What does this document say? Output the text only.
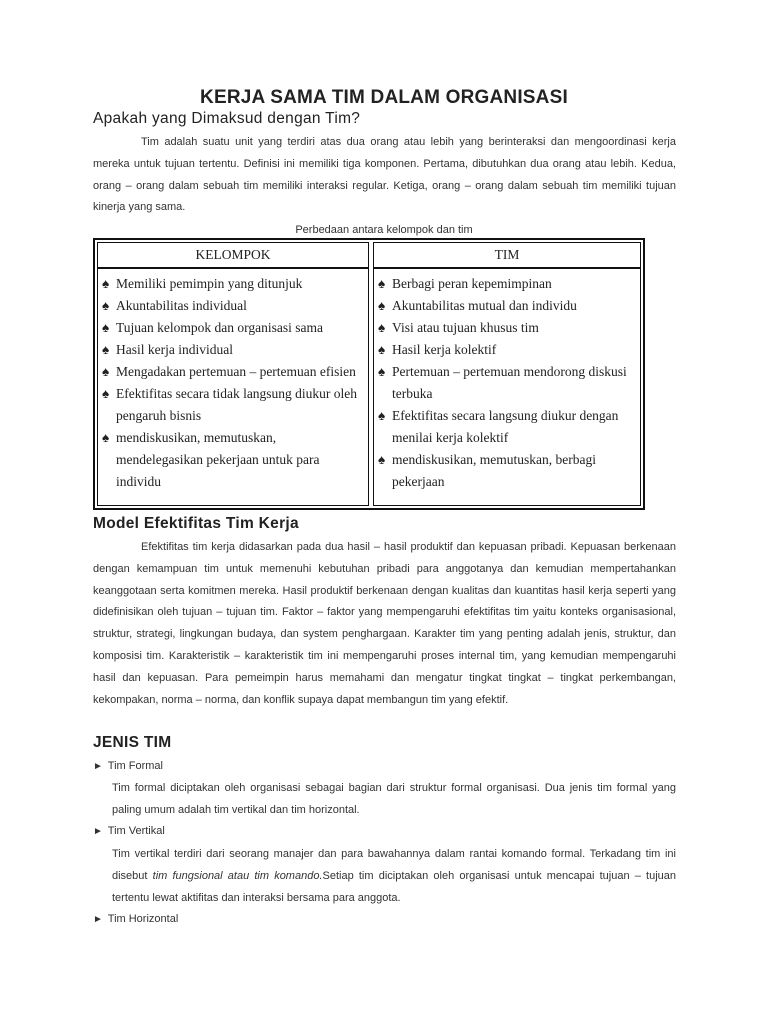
KERJA SAMA TIM DALAM ORGANISASI
Apakah yang Dimaksud dengan Tim?

Tim adalah suatu unit yang terdiri atas dua orang atau lebih yang berinteraksi dan mengoordinasi kerja mereka untuk tujuan tertentu. Definisi ini memiliki tiga komponen. Pertama, dibutuhkan dua orang atau lebih. Kedua, orang – orang dalam sebuah tim memiliki interaksi regular. Ketiga, orang – orang dalam sebuah tim memiliki tujuan kinerja yang sama.

Perbedaan antara kelompok dan tim
KELOMPOK
♠ Memiliki pemimpin yang ditunjuk
♠ Akuntabilitas individual
♠ Tujuan kelompok dan organisasi sama
♠ Hasil kerja individual
♠ Mengadakan pertemuan – pertemuan efisien
♠ Efektifitas secara tidak langsung diukur oleh pengaruh bisnis
♠ mendiskusikan, memutuskan, mendelegasikan pekerjaan untuk para individu
TIM
♠ Berbagi peran kepemimpinan
♠ Akuntabilitas mutual dan individu
♠ Visi atau tujuan khusus tim
♠ Hasil kerja kolektif
♠ Pertemuan – pertemuan mendorong diskusi terbuka
♠ Efektifitas secara langsung diukur dengan menilai kerja kolektif
♠ mendiskusikan, memutuskan, berbagi pekerjaan
Model Efektifitas Tim Kerja

Efektifitas tim kerja didasarkan pada dua hasil – hasil produktif dan kepuasan pribadi. Kepuasan berkenaan dengan kemampuan tim untuk memenuhi kebutuhan pribadi para anggotanya dan kemudian mempertahankan keanggotaan serta komitmen mereka. Hasil produktif berkenaan dengan kualitas dan kuantitas hasil kerja seperti yang didefinisikan oleh tujuan – tujuan tim. Faktor – faktor yang mempengaruhi efektifitas tim yaitu konteks organisasional, struktur, strategi, lingkungan budaya, dan system penghargaan. Karakter tim yang penting adalah jenis, struktur, dan komposisi tim. Karakteristik – karakteristik tim ini mempengaruhi proses internal tim, yang kemudian mempengaruhi hasil dan kepuasan. Para pemeimpin harus memahami dan mengatur tingkat tingkat – tingkat perkembangan, kekompakan, norma – norma, dan konflik supaya dapat membangun tim yang efektif.

JENIS TIM
► Tim Formal

Tim formal diciptakan oleh organisasi sebagai bagian dari struktur formal organisasi. Dua jenis tim formal yang paling umum adalah tim vertikal dan tim horizontal.

► Tim Vertikal

Tim vertikal terdiri dari seorang manajer dan para bawahannya dalam rantai komando formal. Terkadang tim ini disebut tim fungsional atau tim komando.Setiap tim diciptakan oleh organisasi untuk mencapai tujuan – tujuan tertentu lewat aktifitas dan interaksi bersama para anggota.

► Tim Horizontal
